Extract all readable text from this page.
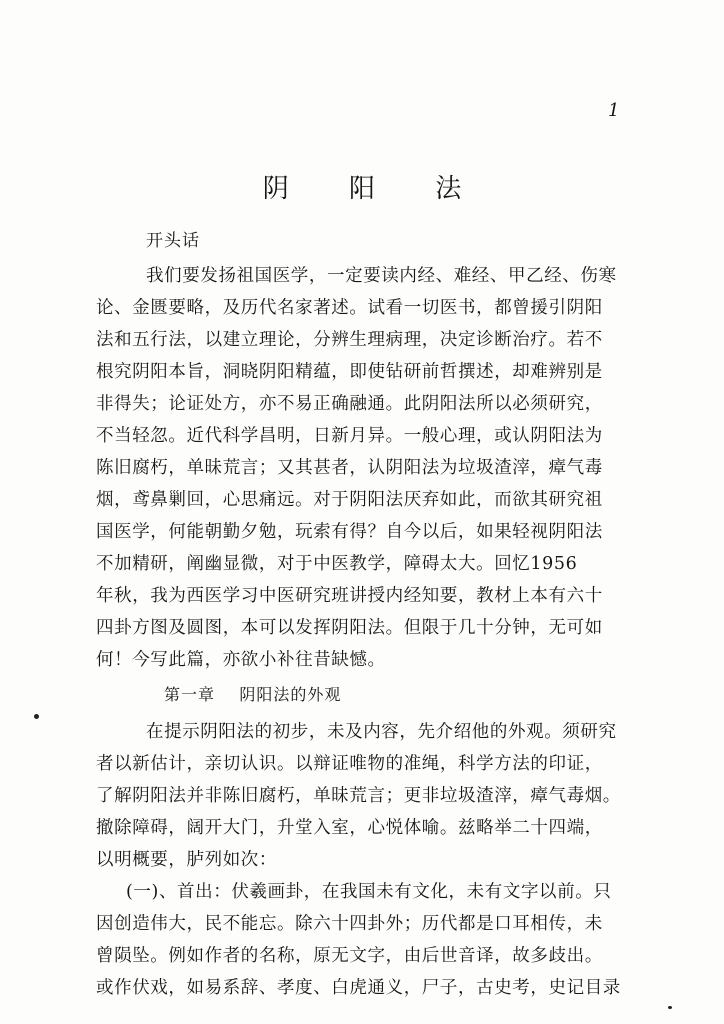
1
阴 阳 法
开头话
我们要发扬祖国医学，一定要读内经、难经、甲乙经、伤寒
论、金匮要略，及历代名家著述。试看一切医书，都曾援引阴阳
法和五行法，以建立理论，分辨生理病理，决定诊断治疗。若不
根究阴阳本旨，洞晓阴阳精蕴，即使钻研前哲撰述，却难辨别是
非得失；论证处方，亦不易正确融通。此阴阳法所以必须研究，
不当轻忽。近代科学昌明，日新月异。一般心理，或认阴阳法为
陈旧腐朽，单昧荒言；又其甚者，认阴阳法为垃圾渣滓，瘴气毒
烟，鸢鼻剿回，心思痛远。对于阴阳法厌弃如此，而欲其研究祖
国医学，何能朝勤夕勉，玩索有得？自今以后，如果轻视阴阳法
不加精研，阐幽显微，对于中医教学，障碍太大。回忆1956
年秋，我为西医学习中医研究班讲授内经知要，教材上本有六十
四卦方图及圆图，本可以发挥阴阳法。但限于几十分钟，无可如
何！今写此篇，亦欲小补往昔缺憾。
第一章    阴阳法的外观
在提示阴阳法的初步，未及内容，先介绍他的外观。须研究
者以新估计，亲切认识。以辩证唯物的准绳，科学方法的印证，
了解阴阳法并非陈旧腐朽，单昧荒言；更非垃圾渣滓，瘴气毒烟。
撤除障碍，阔开大门，升堂入室，心悦体喻。兹略举二十四端，
以明概要，胪列如次：
(一)、首出：伏羲画卦，在我国未有文化，未有文字以前。只
因创造伟大，民不能忘。除六十四卦外；历代都是口耳相传，未
曾陨坠。例如作者的名称，原无文字，由后世音译，故多歧出。
或作伏戏，如易系辞、孝度、白虎通义，尸子，古史考，史记目录
